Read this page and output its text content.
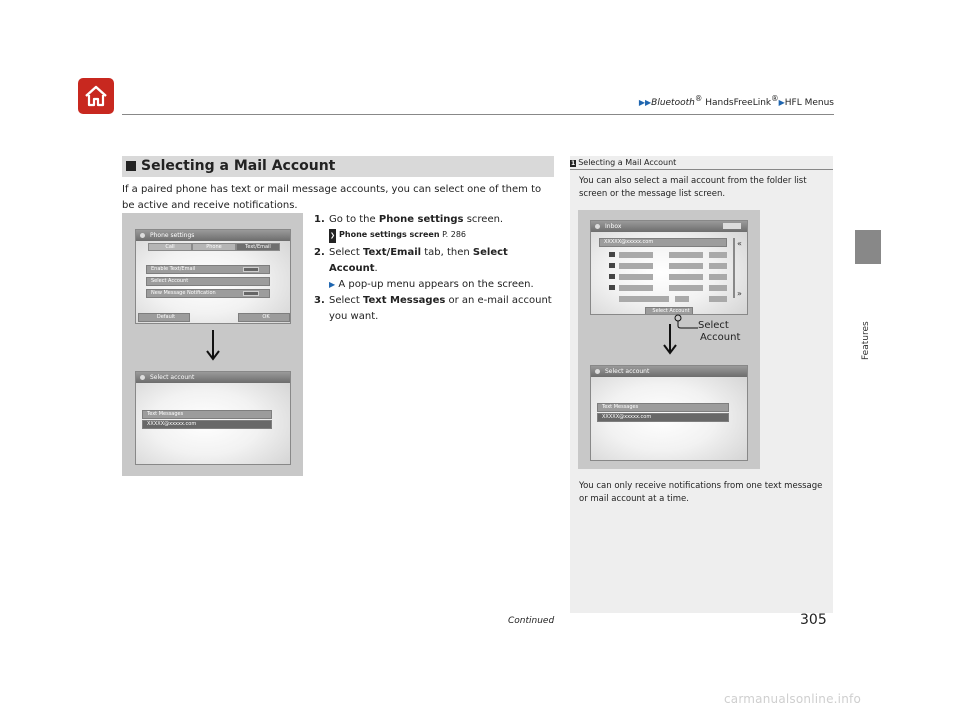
▶▶Bluetooth® HandsFreeLink®▶HFL Menus
Features
Selecting a Mail Account
If a paired phone has text or mail message accounts, you can select one of them to be active and receive notifications.
1. Go to the Phone settings screen.
❯ Phone settings screen P. 286
2. Select Text/Email tab, then Select Account.
▶ A pop-up menu appears on the screen.
3. Select Text Messages or an e-mail account you want.
Phone settings
Call	Phone	Text/Email
Enable Text/Email
Select Account
New Message Notification
Default	OK
Select account
Text Messages
XXXXX@xxxxx.com
1 Selecting a Mail Account
You can also select a mail account from the folder list screen or the message list screen.
Inbox
XXXXX@xxxxx.com	«
»
Select Account
Select
Account
Select account
Text Messages
XXXXX@xxxxx.com
You can only receive notifications from one text message or mail account at a time.
Continued	305
carmanualsonline.info
